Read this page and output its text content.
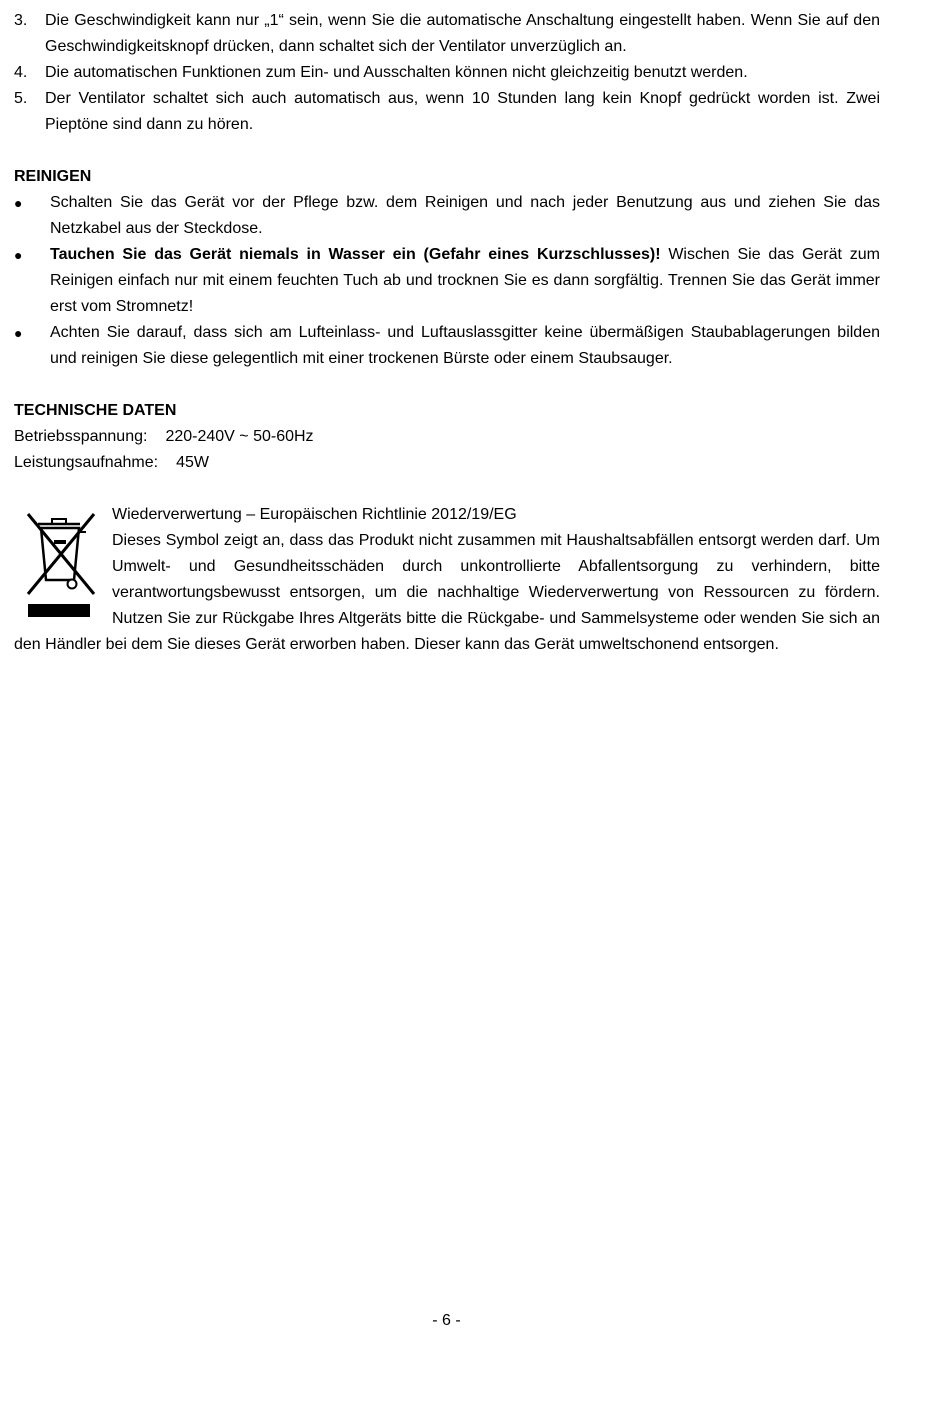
3. Die Geschwindigkeit kann nur „1“ sein, wenn Sie die automatische Anschaltung eingestellt haben. Wenn Sie auf den Geschwindigkeitsknopf drücken, dann schaltet sich der Ventilator unverzüglich an.
4. Die automatischen Funktionen zum Ein- und Ausschalten können nicht gleichzeitig benutzt werden.
5. Der Ventilator schaltet sich auch automatisch aus, wenn 10 Stunden lang kein Knopf gedrückt worden ist. Zwei Pieptöne sind dann zu hören.

REINIGEN

● Schalten Sie das Gerät vor der Pflege bzw. dem Reinigen und nach jeder Benutzung aus und ziehen Sie das Netzkabel aus der Steckdose.
● Tauchen Sie das Gerät niemals in Wasser ein (Gefahr eines Kurzschlusses)! Wischen Sie das Gerät zum Reinigen einfach nur mit einem feuchten Tuch ab und trocknen Sie es dann sorgfältig. Trennen Sie das Gerät immer erst vom Stromnetz!
● Achten Sie darauf, dass sich am Lufteinlass- und Luftauslassgitter keine übermäßigen Staubablagerungen bilden und reinigen Sie diese gelegentlich mit einer trockenen Bürste oder einem Staubsauger.

TECHNISCHE DATEN

Betriebsspannung: 220-240V ~ 50-60Hz
Leistungsaufnahme: 45W

Wiederverwertung – Europäischen Richtlinie 2012/19/EG

Dieses Symbol zeigt an, dass das Produkt nicht zusammen mit Haushaltsabfällen entsorgt werden darf. Um Umwelt- und Gesundheitsschäden durch unkontrollierte Abfallentsorgung zu verhindern, bitte verantwortungsbewusst entsorgen, um die nachhaltige Wiederverwertung von Ressourcen zu fördern. Nutzen Sie zur Rückgabe Ihres Altgeräts bitte die Rückgabe- und Sammelsysteme oder wenden Sie sich an den Händler bei dem Sie dieses Gerät erworben haben. Dieser kann das Gerät umweltschonend entsorgen.

- 6 -
